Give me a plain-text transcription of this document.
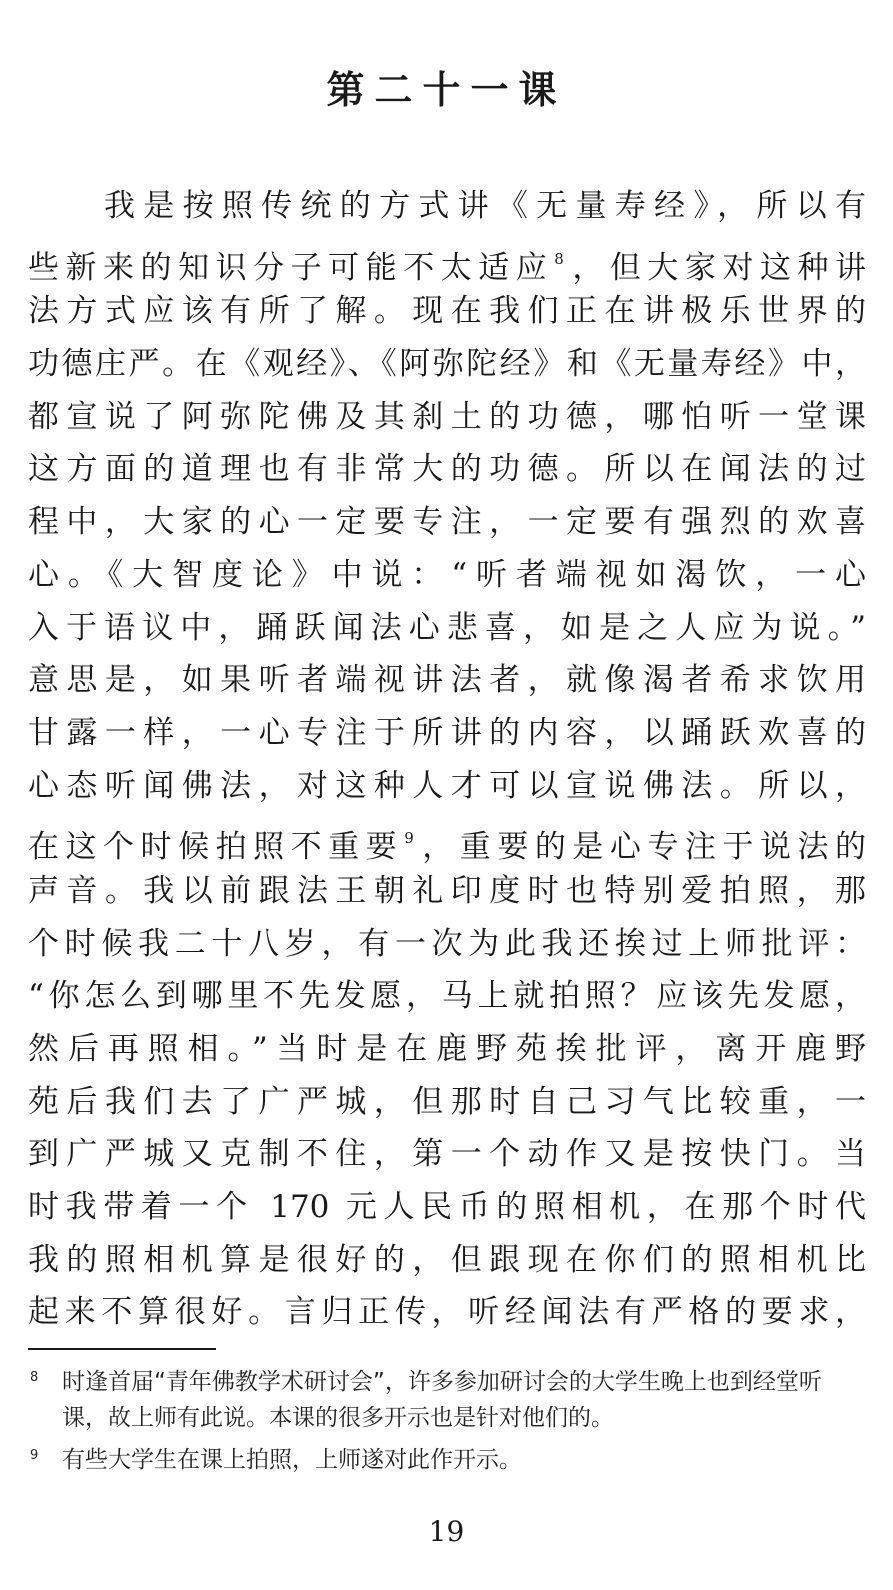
第二十一课
我是按照传统的方式讲《无量寿经》，所以有
些新来的知识分子可能不太适应$^8$，但大家对这种讲
法方式应该有所了解。现在我们正在讲极乐世界的
功德庄严。在《观经》、《阿弥陀经》和《无量寿经》中，
都宣说了阿弥陀佛及其刹土的功德，哪怕听一堂课
这方面的道理也有非常大的功德。所以在闻法的过
程中，大家的心一定要专注，一定要有强烈的欢喜
心。《大智度论》中说：“听者端视如渴饮，一心
入于语议中，踊跃闻法心悲喜，如是之人应为说。”
意思是，如果听者端视讲法者，就像渴者希求饮用
甘露一样，一心专注于所讲的内容，以踊跃欢喜的
心态听闻佛法，对这种人才可以宣说佛法。所以，
在这个时候拍照不重要$^9$，重要的是心专注于说法的
声音。我以前跟法王朝礼印度时也特别爱拍照，那
个时候我二十八岁，有一次为此我还挨过上师批评：
“你怎么到哪里不先发愿，马上就拍照？应该先发愿，
然后再照相。”当时是在鹿野苑挨批评，离开鹿野
苑后我们去了广严城，但那时自己习气比较重，一
到广严城又克制不住，第一个动作又是按快门。当
时我带着一个 170 元人民币的照相机，在那个时代
我的照相机算是很好的，但跟现在你们的照相机比
起来不算很好。言归正传，听经闻法有严格的要求，
8 时逢首届“青年佛教学术研讨会”，许多参加研讨会的大学生晚上也到经堂听课，故上师有此说。本课的很多开示也是针对他们的。
9 有些大学生在课上拍照，上师遂对此作开示。
19
